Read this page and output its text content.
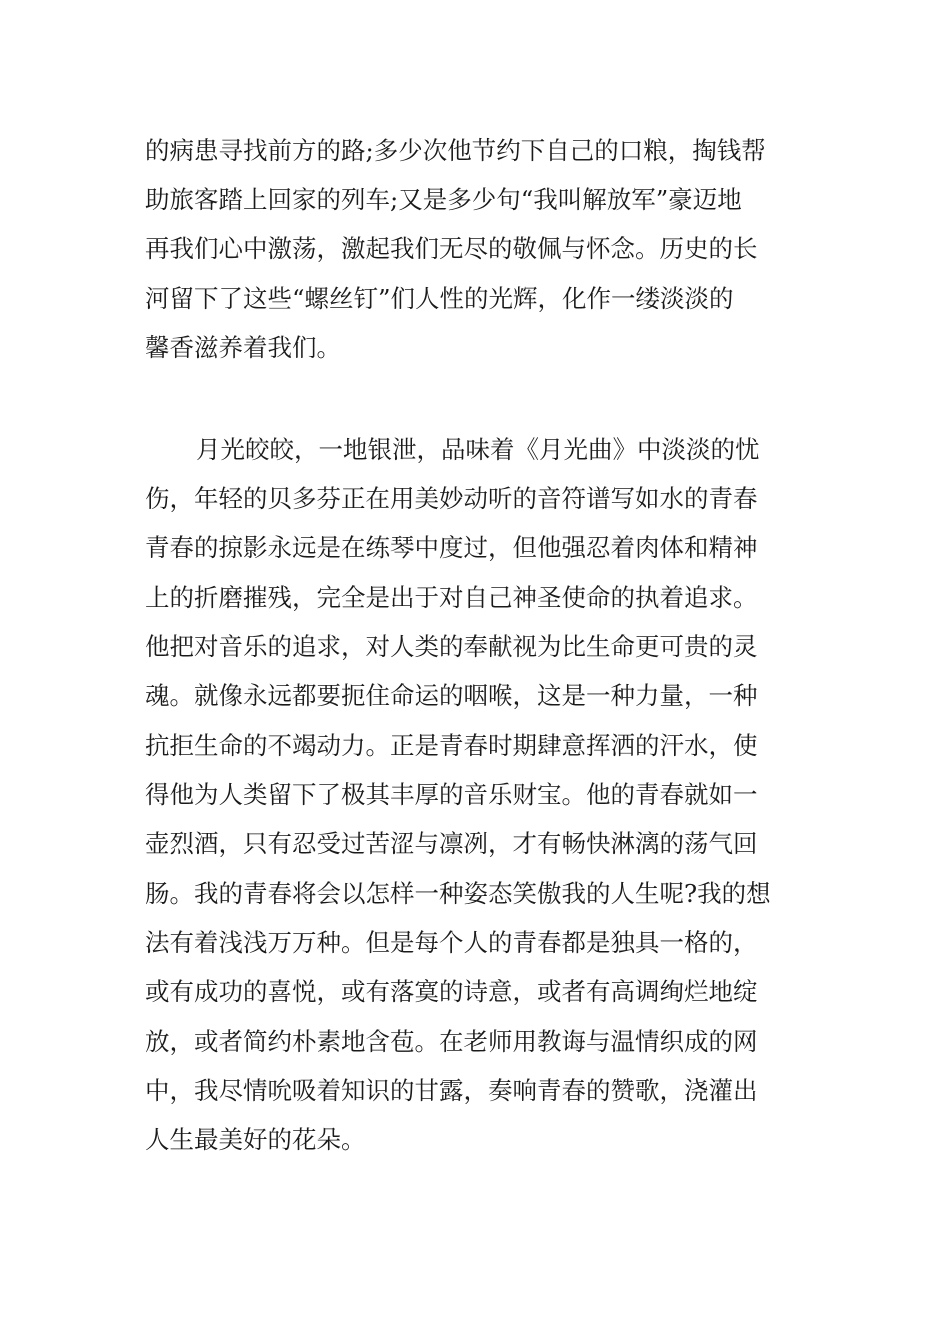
的病患寻找前方的路;多少次他节约下自己的口粮，掏钱帮
助旅客踏上回家的列车;又是多少句“我叫解放军”豪迈地
再我们心中激荡，激起我们无尽的敬佩与怀念。历史的长
河留下了这些“螺丝钉”们人性的光辉，化作一缕淡淡的
馨香滋养着我们。
月光皎皎，一地银泄，品味着《月光曲》中淡淡的忧
伤，年轻的贝多芬正在用美妙动听的音符谱写如水的青春
青春的掠影永远是在练琴中度过，但他强忍着肉体和精神
上的折磨摧残，完全是出于对自己神圣使命的执着追求。
他把对音乐的追求，对人类的奉献视为比生命更可贵的灵
魂。就像永远都要扼住命运的咽喉，这是一种力量，一种
抗拒生命的不竭动力。正是青春时期肆意挥洒的汗水，使
得他为人类留下了极其丰厚的音乐财宝。他的青春就如一
壶烈酒，只有忍受过苦涩与凛冽，才有畅快淋漓的荡气回
肠。我的青春将会以怎样一种姿态笑傲我的人生呢?我的想
法有着浅浅万万种。但是每个人的青春都是独具一格的，
或有成功的喜悦，或有落寞的诗意，或者有高调绚烂地绽
放，或者简约朴素地含苞。在老师用教诲与温情织成的网
中，我尽情吮吸着知识的甘露，奏响青春的赞歌，浇灌出
人生最美好的花朵。
